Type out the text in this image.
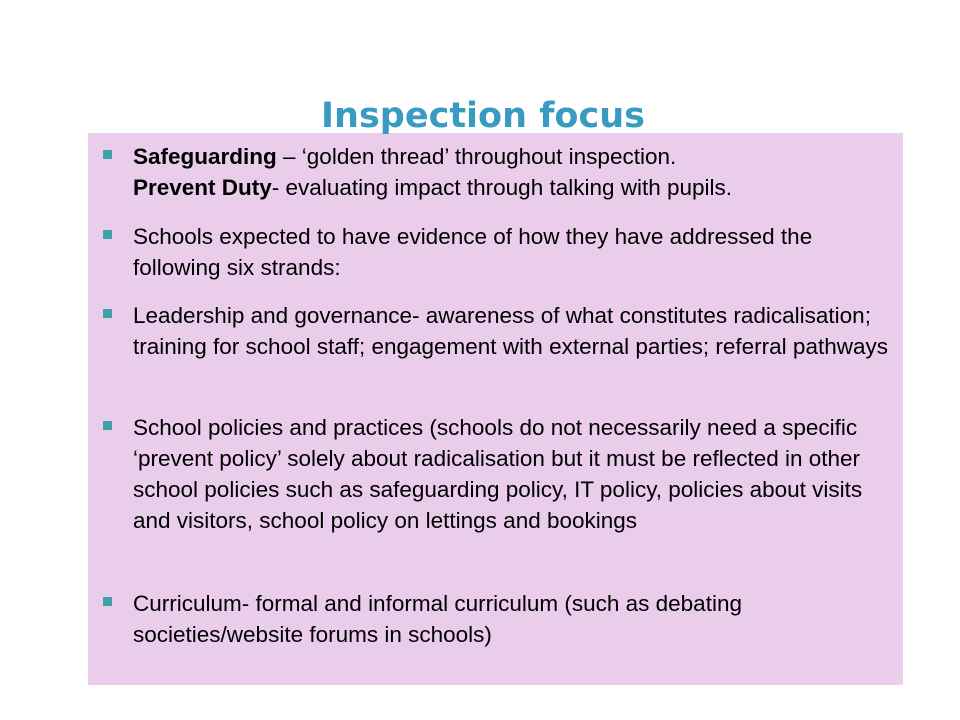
Inspection focus
Safeguarding – ‘golden thread’ throughout inspection.
Prevent Duty- evaluating impact through talking with pupils.
Schools expected to have evidence of how they have addressed the following six strands:
Leadership and governance- awareness of what constitutes radicalisation; training for school staff; engagement with external parties; referral pathways
School policies and practices (schools do not necessarily need a specific ‘prevent policy’ solely about radicalisation but it must be reflected in other school policies such as safeguarding policy, IT policy, policies about visits and visitors, school policy on lettings and bookings
Curriculum- formal and informal curriculum (such as debating societies/website forums in schools)
